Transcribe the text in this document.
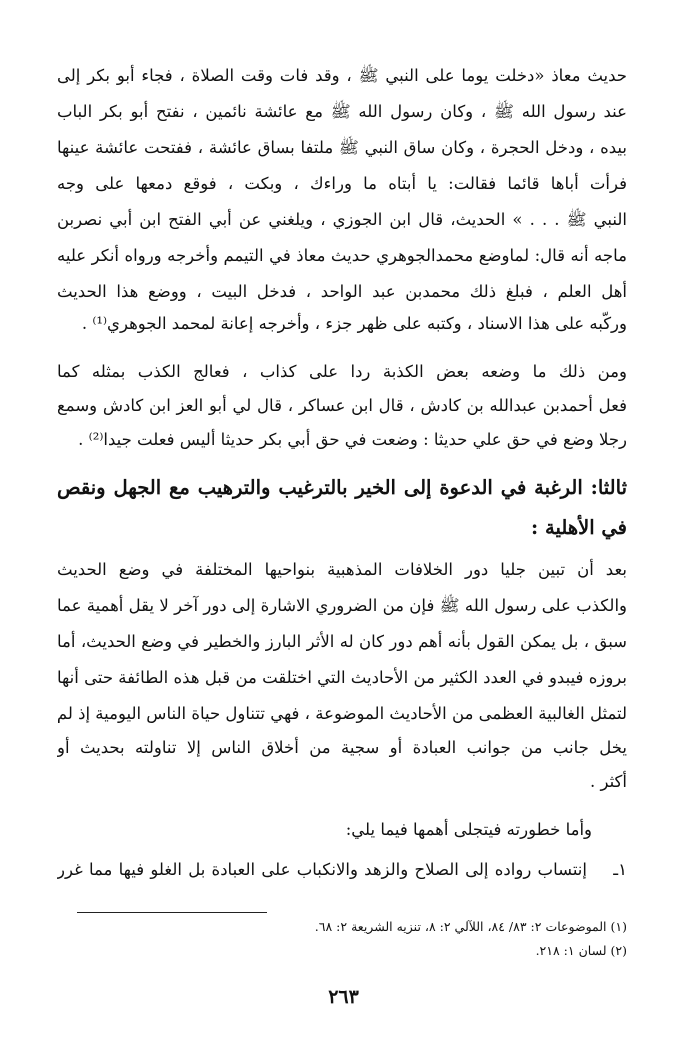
حديث معاذ «دخلت يوما على النبي ﷺ ، وقد فات وقت الصلاة ، فجاء أبو بكر إلى
عند رسول الله ﷺ ، وكان رسول الله ﷺ مع عائشة نائمين ، نفتح أبو بكر الباب
بيده ، ودخل الحجرة ، وكان ساق النبي ﷺ ملتفا بساق عائشة ، ففتحت عائشة عينها
فرأت أباها قائما فقالت: يا أبتاه ما وراءك ، وبكت ، فوقع دمعها على وجه
النبي ﷺ . . . » الحديث، قال ابن الجوزي ، ويلغني عن أبي الفتح ابن أبي نصربن
ماجه أنه قال: لماوضع محمدالجوهري حديث معاذ في التيمم وأخرجه ورواه أنكر عليه
أهل العلم ، فبلغ ذلك محمدبن عبد الواحد ، فدخل البيت ، ووضع هذا الحديث
وركّبه على هذا الاسناد ، وكتبه على ظهر جزء ، وأخرجه إعانة لمحمد الجوهري⁽¹⁾ .
ومن ذلك ما وضعه بعض الكذبة ردا على كذاب ، فعالج الكذب بمثله كما
فعل أحمدبن عبدالله بن كادش ، قال ابن عساكر ، قال لي أبو العز ابن كادش وسمع
رجلا وضع في حق علي حديثا : وضعت في حق أبي بكر حديثا أليس فعلت جيدا⁽²⁾ .
ثالثا: الرغبة في الدعوة إلى الخير بالترغيب والترهيب مع الجهل ونقص
في الأهلية :
بعد أن تبين جليا دور الخلافات المذهبية بنواحيها المختلفة في وضع الحديث
والكذب على رسول الله ﷺ فإن من الضروري الاشارة إلى دور آخر لا يقل أهمية عما
سبق ، بل يمكن القول بأنه أهم دور كان له الأثر البارز والخطير في وضع الحديث، أما
بروزه فيبدو في العدد الكثير من الأحاديث التي اختلقت من قبل هذه الطائفة حتى أنها
لتمثل الغالبية العظمى من الأحاديث الموضوعة ، فهي تتناول حياة الناس اليومية إذ لم
يخل جانب من جوانب العبادة أو سجية من أخلاق الناس إلا تناولته بحديث أو
أكثر .
وأما خطورته فيتجلى أهمها فيما يلي:
١ـ
إنتساب رواده إلى الصلاح والزهد والانكباب على العبادة بل الغلو فيها مما غرر
(١) الموضوعات ٢: ٨٣/ ٨٤، اللآلي ٢: ٨، تنزيه الشريعة ٢: ٦٨.
(٢) لسان ١: ٢١٨.
٢٦٣
